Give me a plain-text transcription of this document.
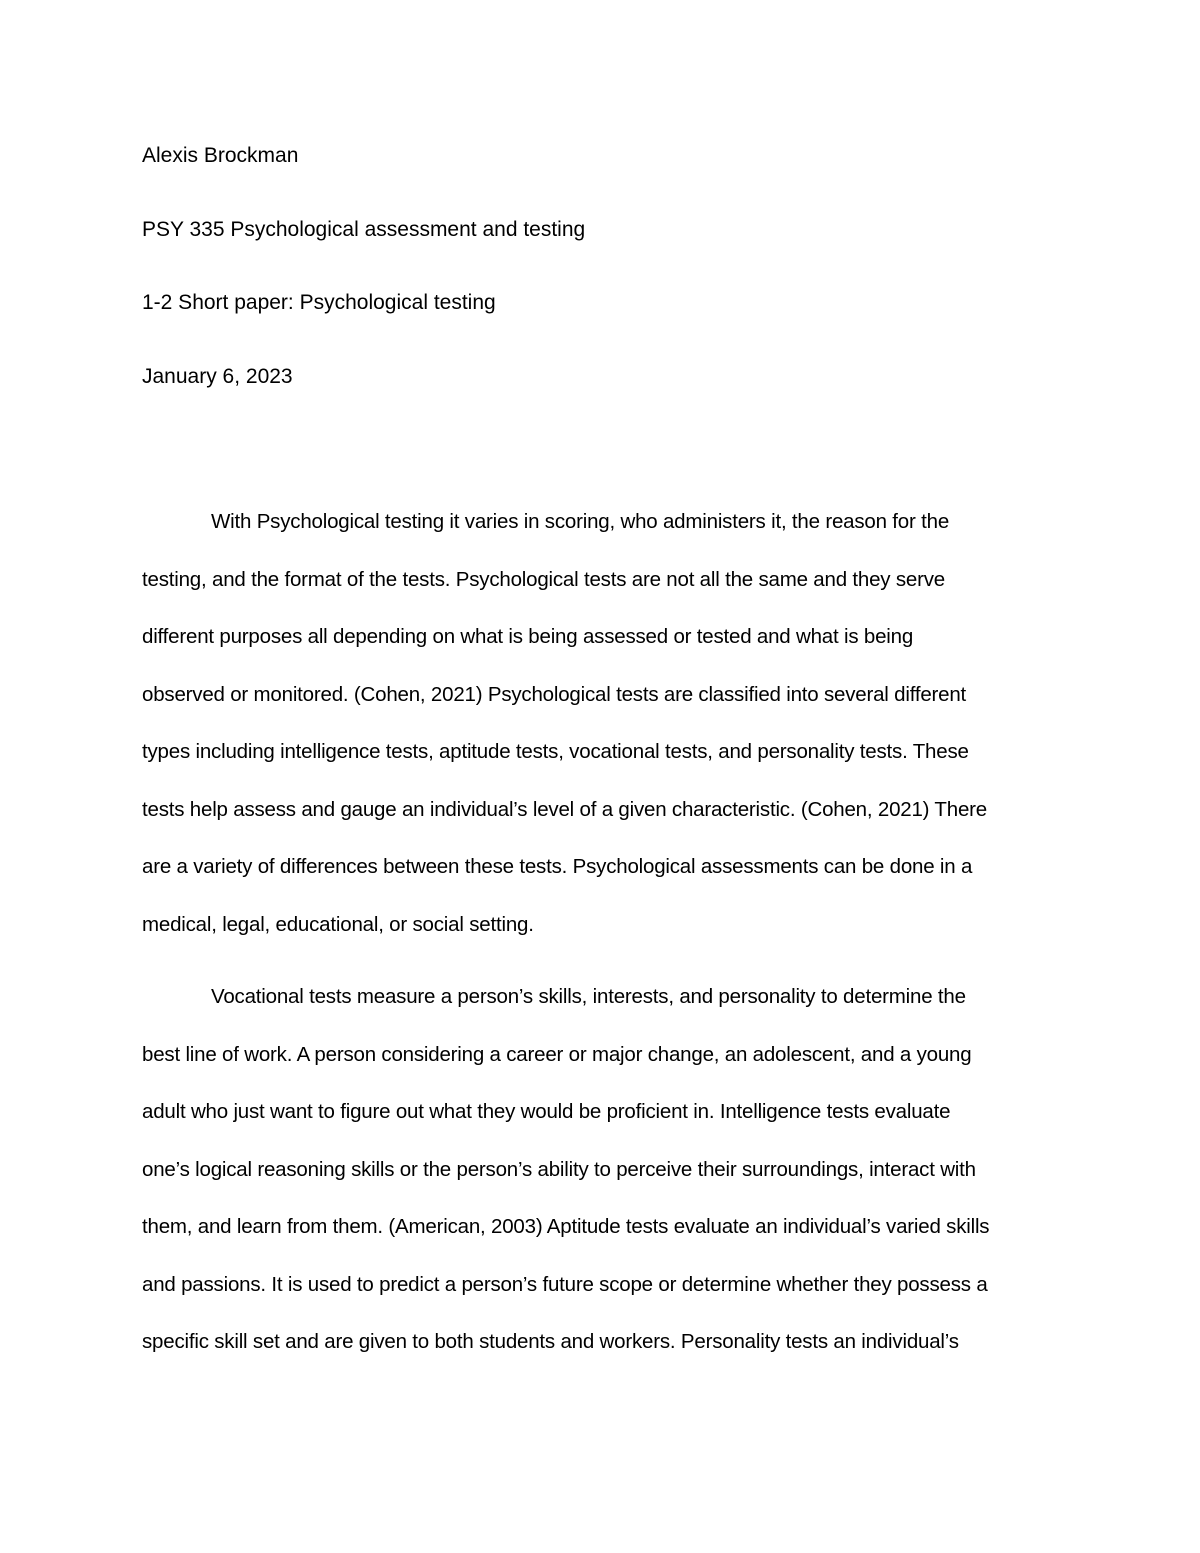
Alexis Brockman
PSY 335 Psychological assessment and testing
1-2 Short paper: Psychological testing
January 6, 2023
With Psychological testing it varies in scoring, who administers it, the reason for the
testing, and the format of the tests. Psychological tests are not all the same and they serve
different purposes all depending on what is being assessed or tested and what is being
observed or monitored. (Cohen, 2021) Psychological tests are classified into several different
types including intelligence tests, aptitude tests, vocational tests, and personality tests. These
tests help assess and gauge an individual’s level of a given characteristic. (Cohen, 2021) There
are a variety of differences between these tests. Psychological assessments can be done in a
medical, legal, educational, or social setting.
Vocational tests measure a person’s skills, interests, and personality to determine the
best line of work. A person considering a career or major change, an adolescent, and a young
adult who just want to figure out what they would be proficient in. Intelligence tests evaluate
one’s logical reasoning skills or the person’s ability to perceive their surroundings, interact with
them, and learn from them. (American, 2003) Aptitude tests evaluate an individual’s varied skills
and passions. It is used to predict a person’s future scope or determine whether they possess a
specific skill set and are given to both students and workers. Personality tests an individual’s
